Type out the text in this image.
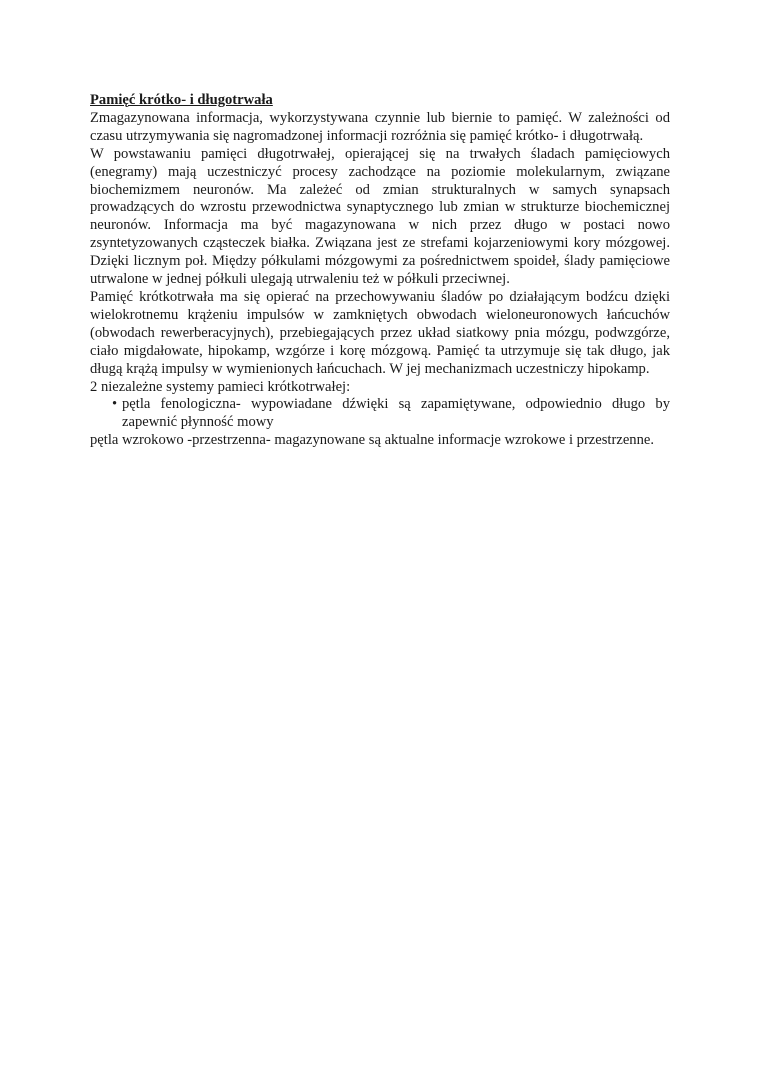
Pamięć krótko- i długotrwała

Zmagazynowana informacja, wykorzystywana czynnie lub biernie to pamięć. W zależności od czasu utrzymywania się nagromadzonej informacji rozróżnia się pamięć krótko- i długotrwałą.

W powstawaniu pamięci długotrwałej, opierającej się na trwałych śladach pamięciowych (enegramy) mają uczestniczyć procesy zachodzące na poziomie molekularnym, związane biochemizmem neuronów. Ma zależeć od zmian strukturalnych w samych synapsach prowadzących do wzrostu przewodnictwa synaptycznego lub zmian w strukturze biochemicznej neuronów. Informacja ma być magazynowana w nich przez długo w postaci nowo zsyntetyzowanych cząsteczek białka. Związana jest ze strefami kojarzeniowymi kory mózgowej. Dzięki licznym poł. Między półkulami mózgowymi za pośrednictwem spoideł, ślady pamięciowe utrwalone w jednej półkuli ulegają utrwaleniu też w półkuli przeciwnej.

Pamięć krótkotrwała ma się opierać na przechowywaniu śladów po działającym bodźcu dzięki wielokrotnemu krążeniu impulsów w zamkniętych obwodach wieloneuronowych łańcuchów (obwodach rewerberacyjnych), przebiegających przez układ siatkowy pnia mózgu, podwzgórze, ciało migdałowate, hipokamp, wzgórze i korę mózgową. Pamięć ta utrzymuje się tak długo, jak długą krążą impulsy w wymienionych łańcuchach. W jej mechanizmach uczestniczy hipokamp.

2 niezależne systemy pamieci krótkotrwałej:

• pętla fenologiczna- wypowiadane dźwięki są zapamiętywane, odpowiednio długo by zapewnić płynność mowy

pętla wzrokowo -przestrzenna- magazynowane są aktualne informacje wzrokowe i przestrzenne.
